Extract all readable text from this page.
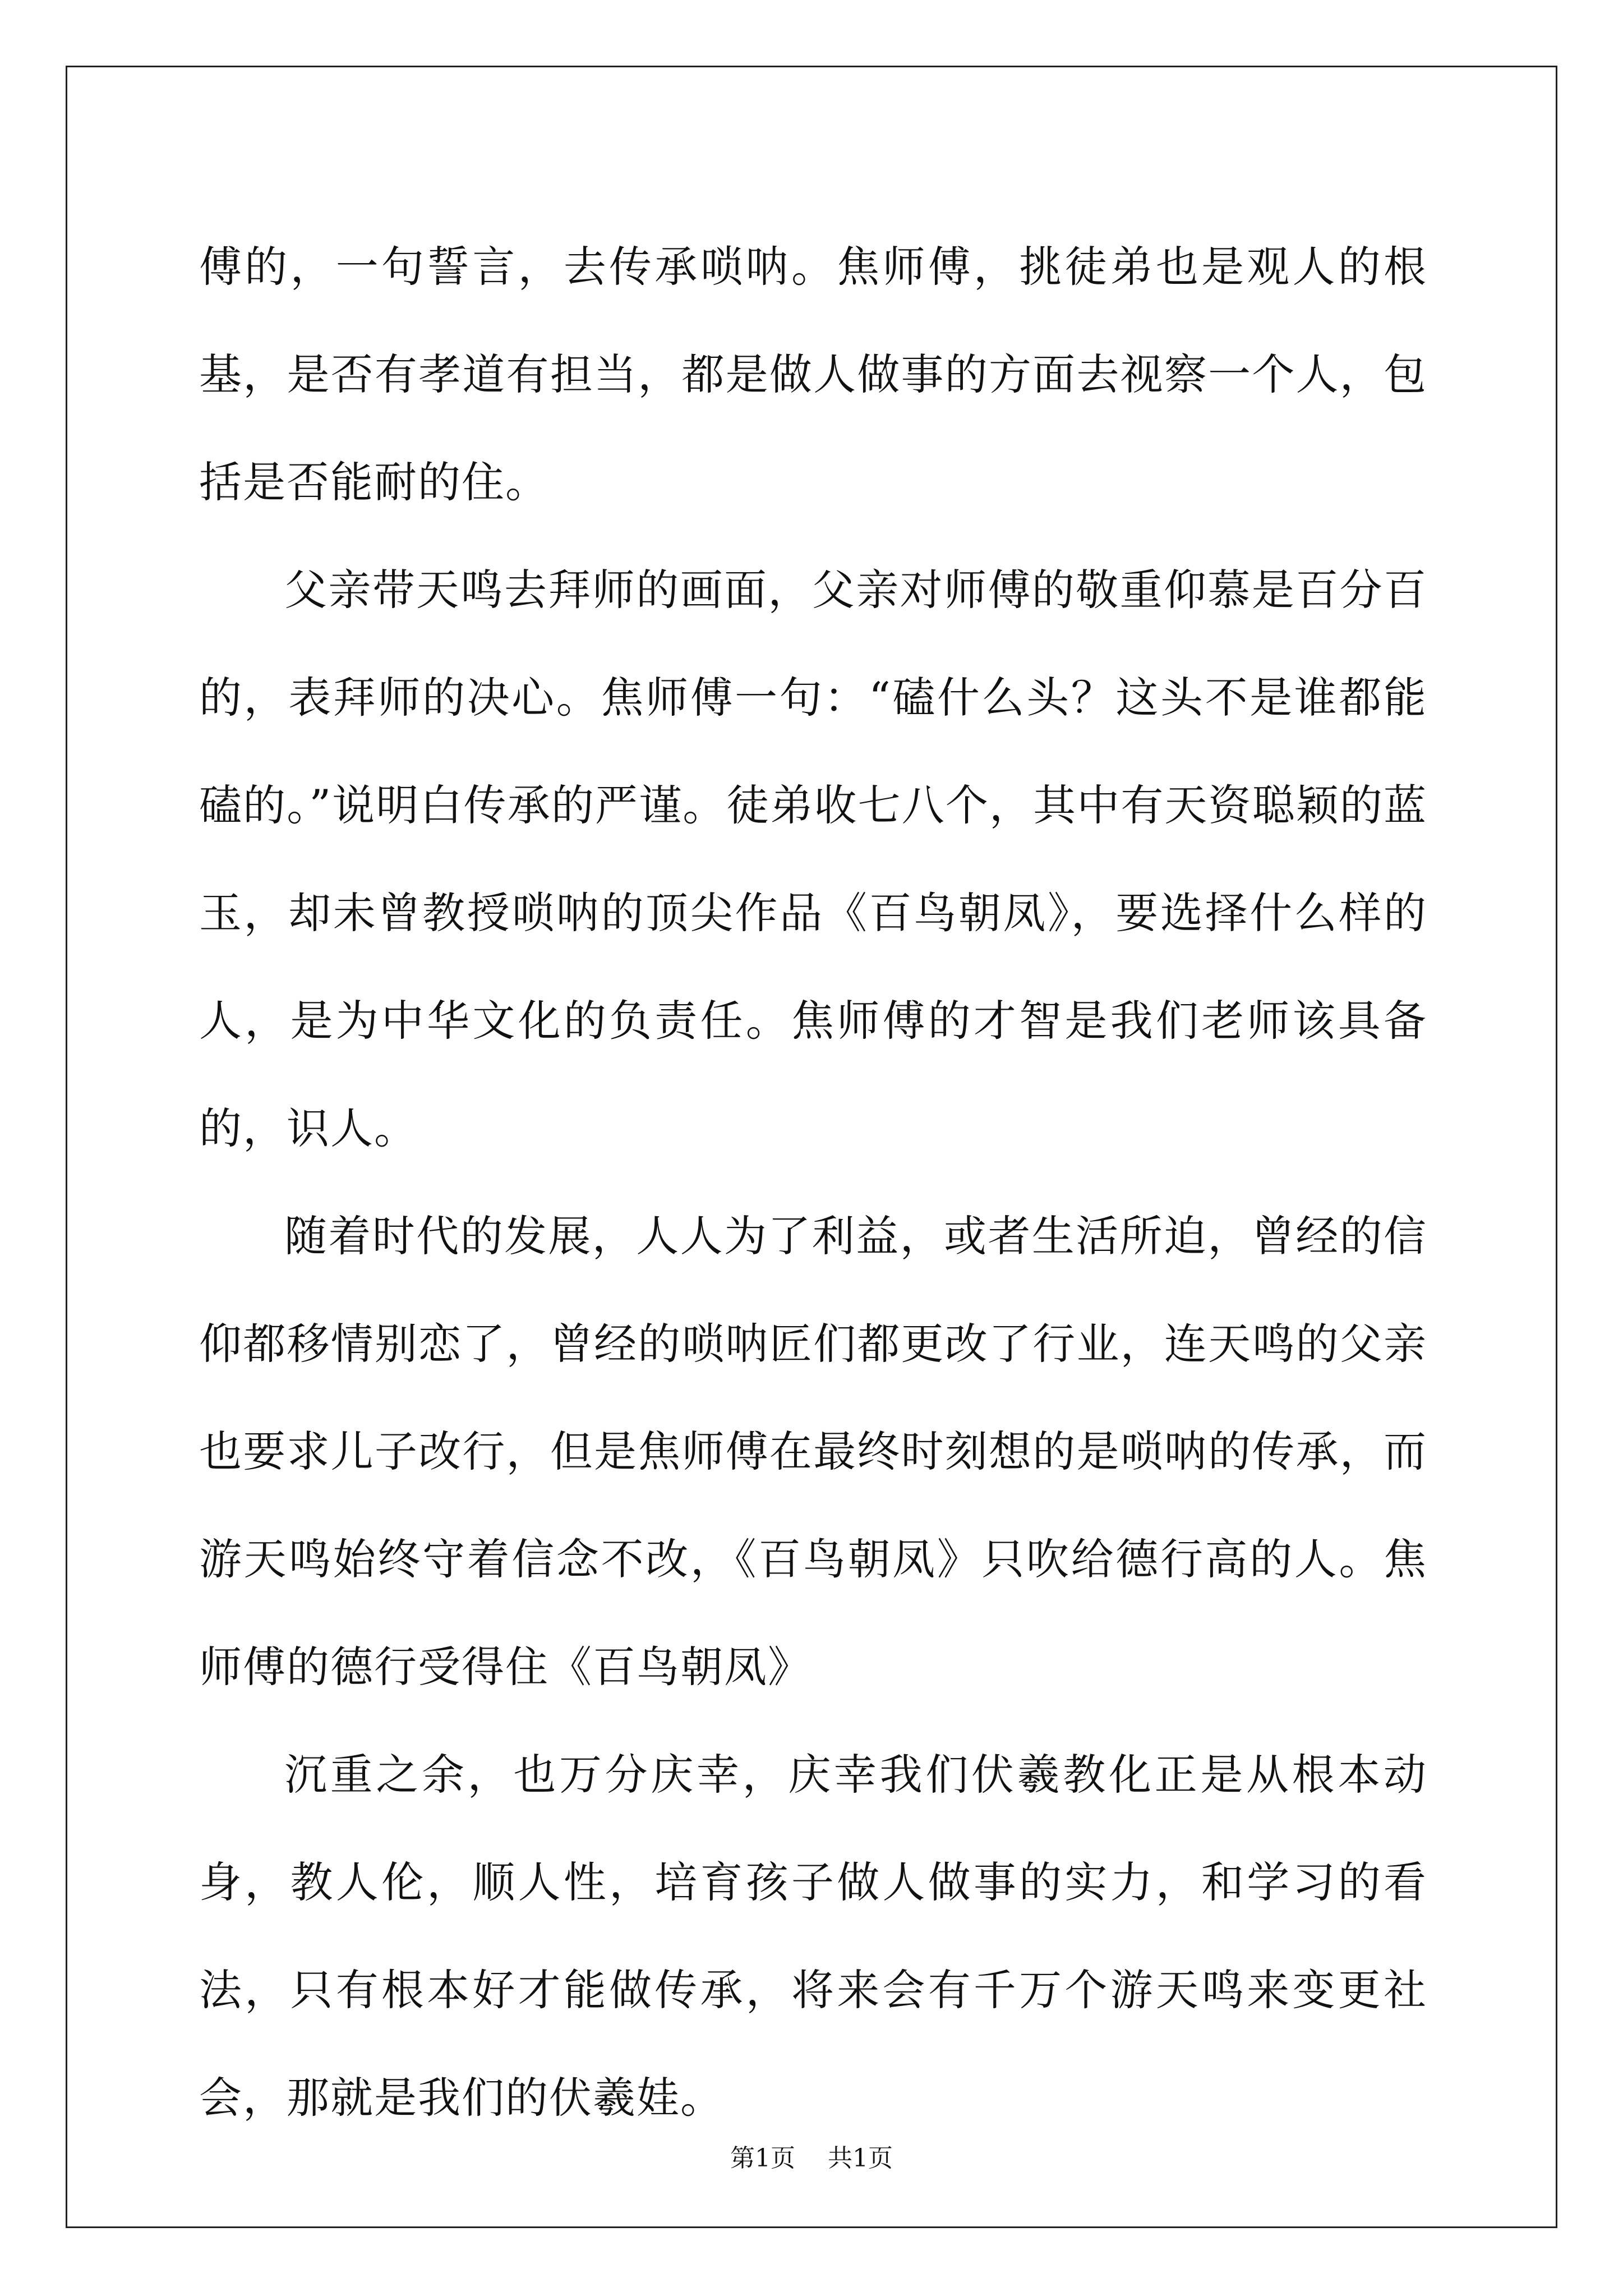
傅的，一句誓言，去传承唢呐。焦师傅，挑徒弟也是观人的根基，是否有孝道有担当，都是做人做事的方面去视察一个人，包括是否能耐的住。

父亲带天鸣去拜师的画面，父亲对师傅的敬重仰慕是百分百的，表拜师的决心。焦师傅一句：“磕什么头？这头不是谁都能磕的。”说明白传承的严谨。徒弟收七八个，其中有天资聪颖的蓝玉，却未曾教授唢呐的顶尖作品《百鸟朝凤》，要选择什么样的人，是为中华文化的负责任。焦师傅的才智是我们老师该具备的，识人。

随着时代的发展，人人为了利益，或者生活所迫，曾经的信仰都移情别恋了，曾经的唢呐匠们都更改了行业，连天鸣的父亲也要求儿子改行，但是焦师傅在最终时刻想的是唢呐的传承，而游天鸣始终守着信念不改，《百鸟朝凤》只吹给德行高的人。焦师傅的德行受得住《百鸟朝凤》

沉重之余，也万分庆幸，庆幸我们伏羲教化正是从根本动身，教人伦，顺人性，培育孩子做人做事的实力，和学习的看法，只有根本好才能做传承，将来会有千万个游天鸣来变更社会，那就是我们的伏羲娃。

第1页 共1页
